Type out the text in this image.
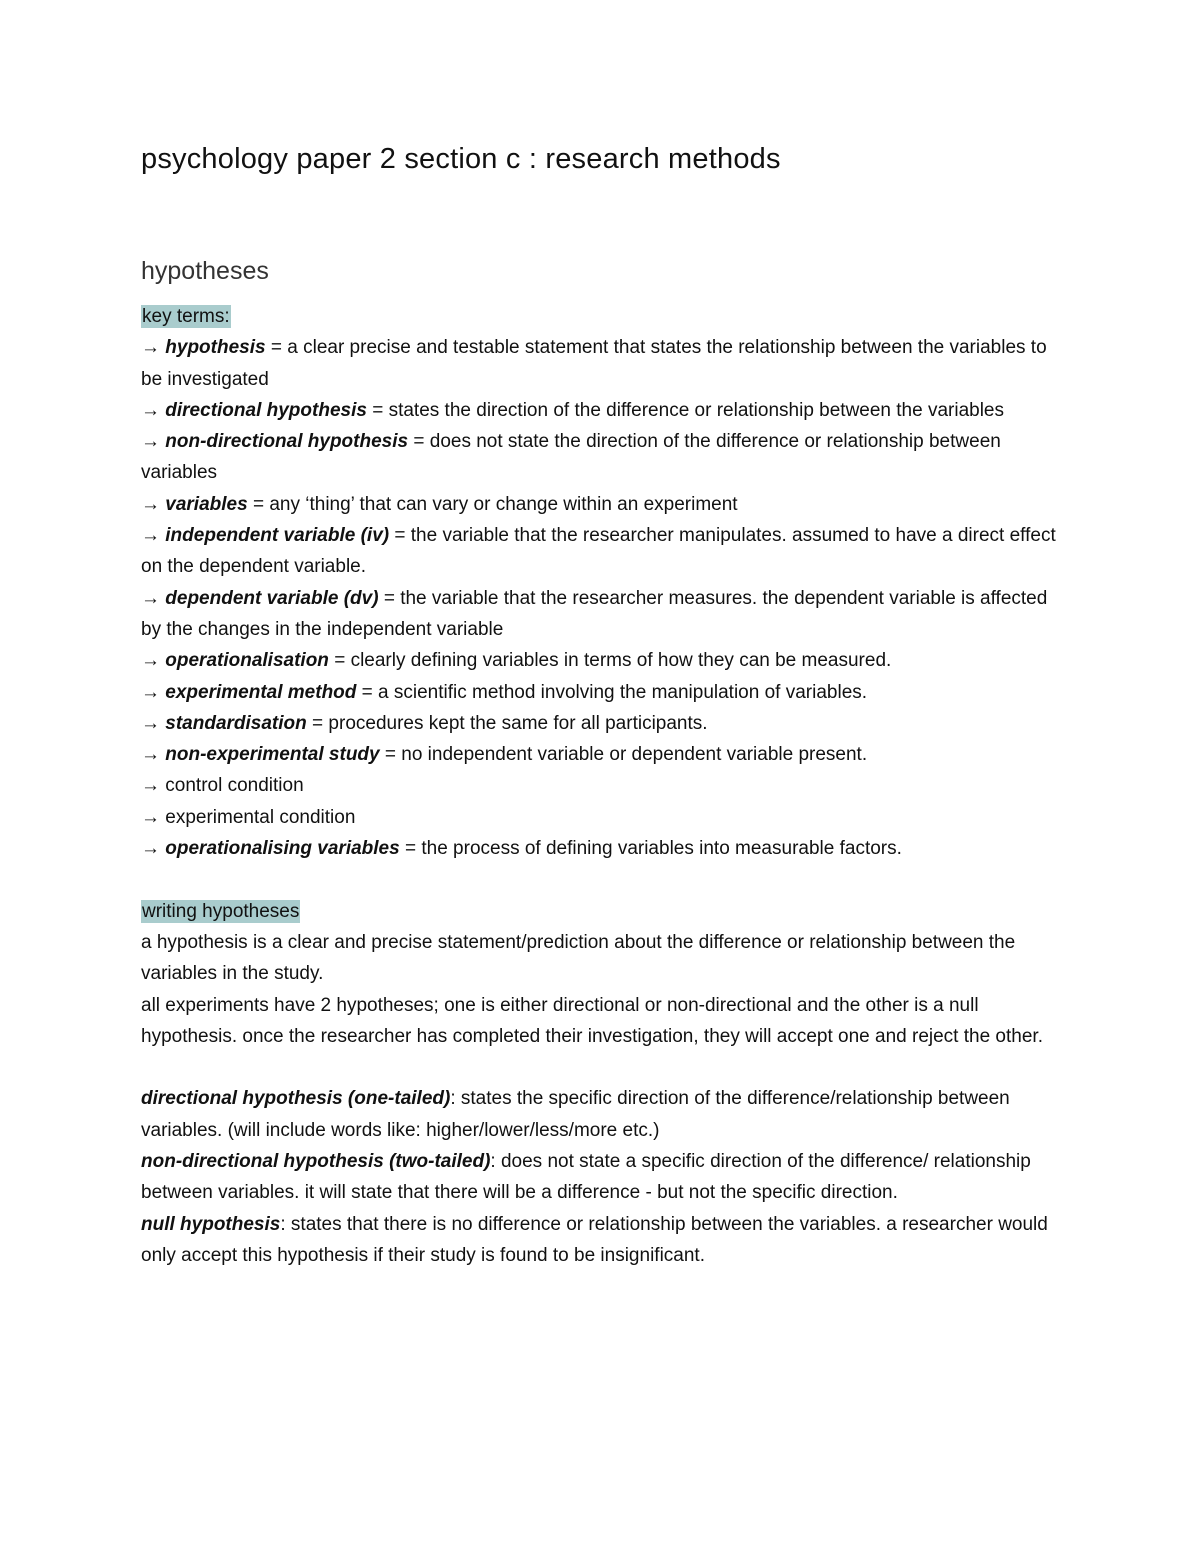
psychology paper 2 section c : research methods
hypotheses
key terms:
→ hypothesis = a clear precise and testable statement that states the relationship between the variables to be investigated
→ directional hypothesis = states the direction of the difference or relationship between the variables
→ non-directional hypothesis = does not state the direction of the difference or relationship between variables
→ variables = any ‘thing’ that can vary or change within an experiment
→ independent variable (iv) = the variable that the researcher manipulates. assumed to have a direct effect on the dependent variable.
→ dependent variable (dv) = the variable that the researcher measures. the dependent variable is affected by the changes in the independent variable
→ operationalisation = clearly defining variables in terms of how they can be measured.
→ experimental method = a scientific method involving the manipulation of variables.
→ standardisation = procedures kept the same for all participants.
→ non-experimental study = no independent variable or dependent variable present.
→ control condition
→ experimental condition
→ operationalising variables = the process of defining variables into measurable factors.
writing hypotheses
a hypothesis is a clear and precise statement/prediction about the difference or relationship between the variables in the study.
all experiments have 2 hypotheses; one is either directional or non-directional and the other is a null hypothesis. once the researcher has completed their investigation, they will accept one and reject the other.
directional hypothesis (one-tailed): states the specific direction of the difference/relationship between variables. (will include words like: higher/lower/less/more etc.)
non-directional hypothesis (two-tailed): does not state a specific direction of the difference/ relationship between variables. it will state that there will be a difference - but not the specific direction.
null hypothesis: states that there is no difference or relationship between the variables. a researcher would only accept this hypothesis if their study is found to be insignificant.
